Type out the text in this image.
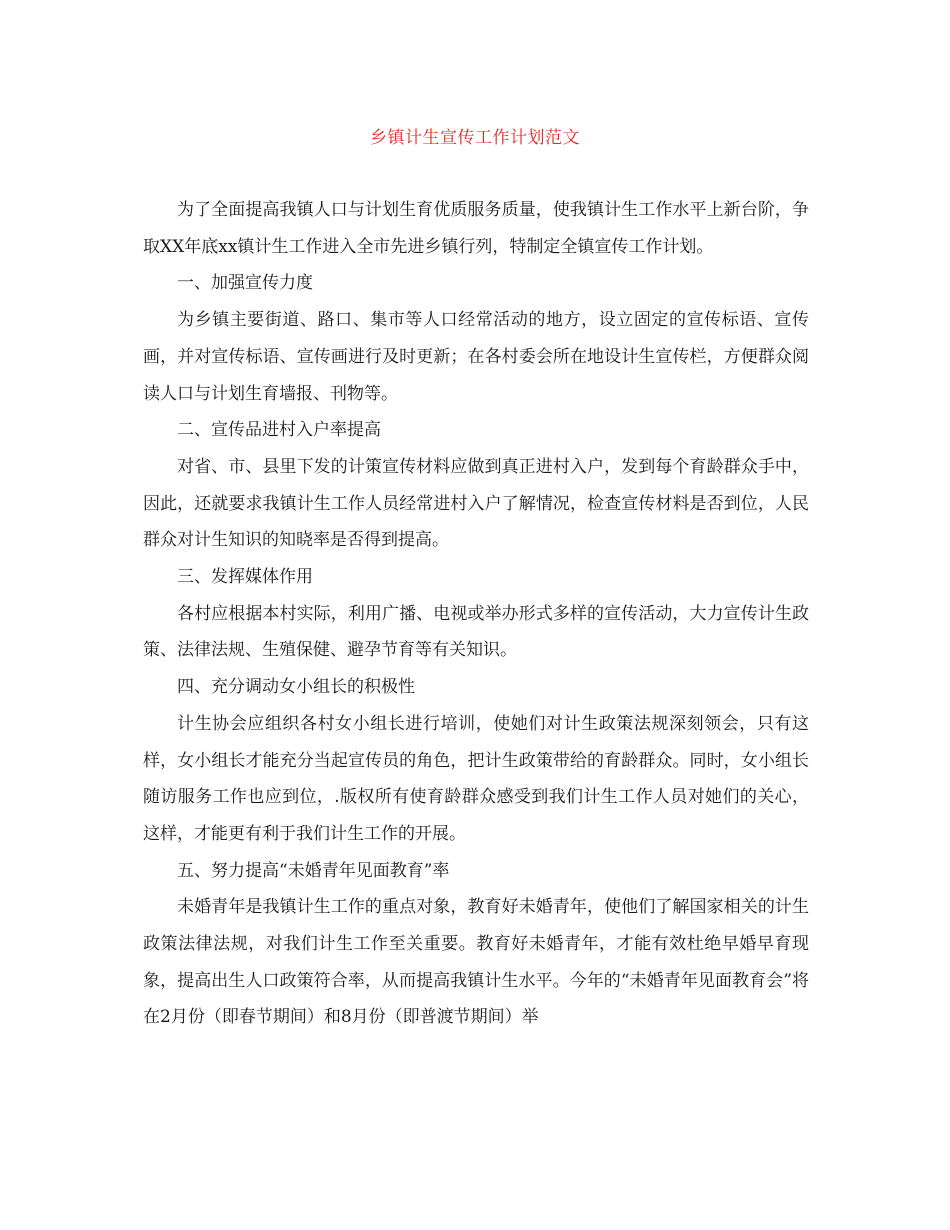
乡镇计生宣传工作计划范文

为了全面提高我镇人口与计划生育优质服务质量，使我镇计生工作水平上新台阶，争取XX年底xx镇计生工作进入全市先进乡镇行列，特制定全镇宣传工作计划。

一、加强宣传力度

为乡镇主要街道、路口、集市等人口经常活动的地方，设立固定的宣传标语、宣传画，并对宣传标语、宣传画进行及时更新；在各村委会所在地设计生宣传栏，方便群众阅读人口与计划生育墙报、刊物等。

二、宣传品进村入户率提高

对省、市、县里下发的计策宣传材料应做到真正进村入户，发到每个育龄群众手中，因此，还就要求我镇计生工作人员经常进村入户了解情况，检查宣传材料是否到位，人民群众对计生知识的知晓率是否得到提高。

三、发挥媒体作用

各村应根据本村实际，利用广播、电视或举办形式多样的宣传活动，大力宣传计生政策、法律法规、生殖保健、避孕节育等有关知识。

四、充分调动女小组长的积极性

计生协会应组织各村女小组长进行培训，使她们对计生政策法规深刻领会，只有这样，女小组长才能充分当起宣传员的角色，把计生政策带给的育龄群众。同时，女小组长随访服务工作也应到位，.版权所有使育龄群众感受到我们计生工作人员对她们的关心，这样，才能更有利于我们计生工作的开展。

五、努力提高“未婚青年见面教育”率

未婚青年是我镇计生工作的重点对象，教育好未婚青年，使他们了解国家相关的计生政策法律法规，对我们计生工作至关重要。教育好未婚青年，才能有效杜绝早婚早育现象，提高出生人口政策符合率，从而提高我镇计生水平。今年的“未婚青年见面教育会”将在2月份（即春节期间）和8月份（即普渡节期间）举
